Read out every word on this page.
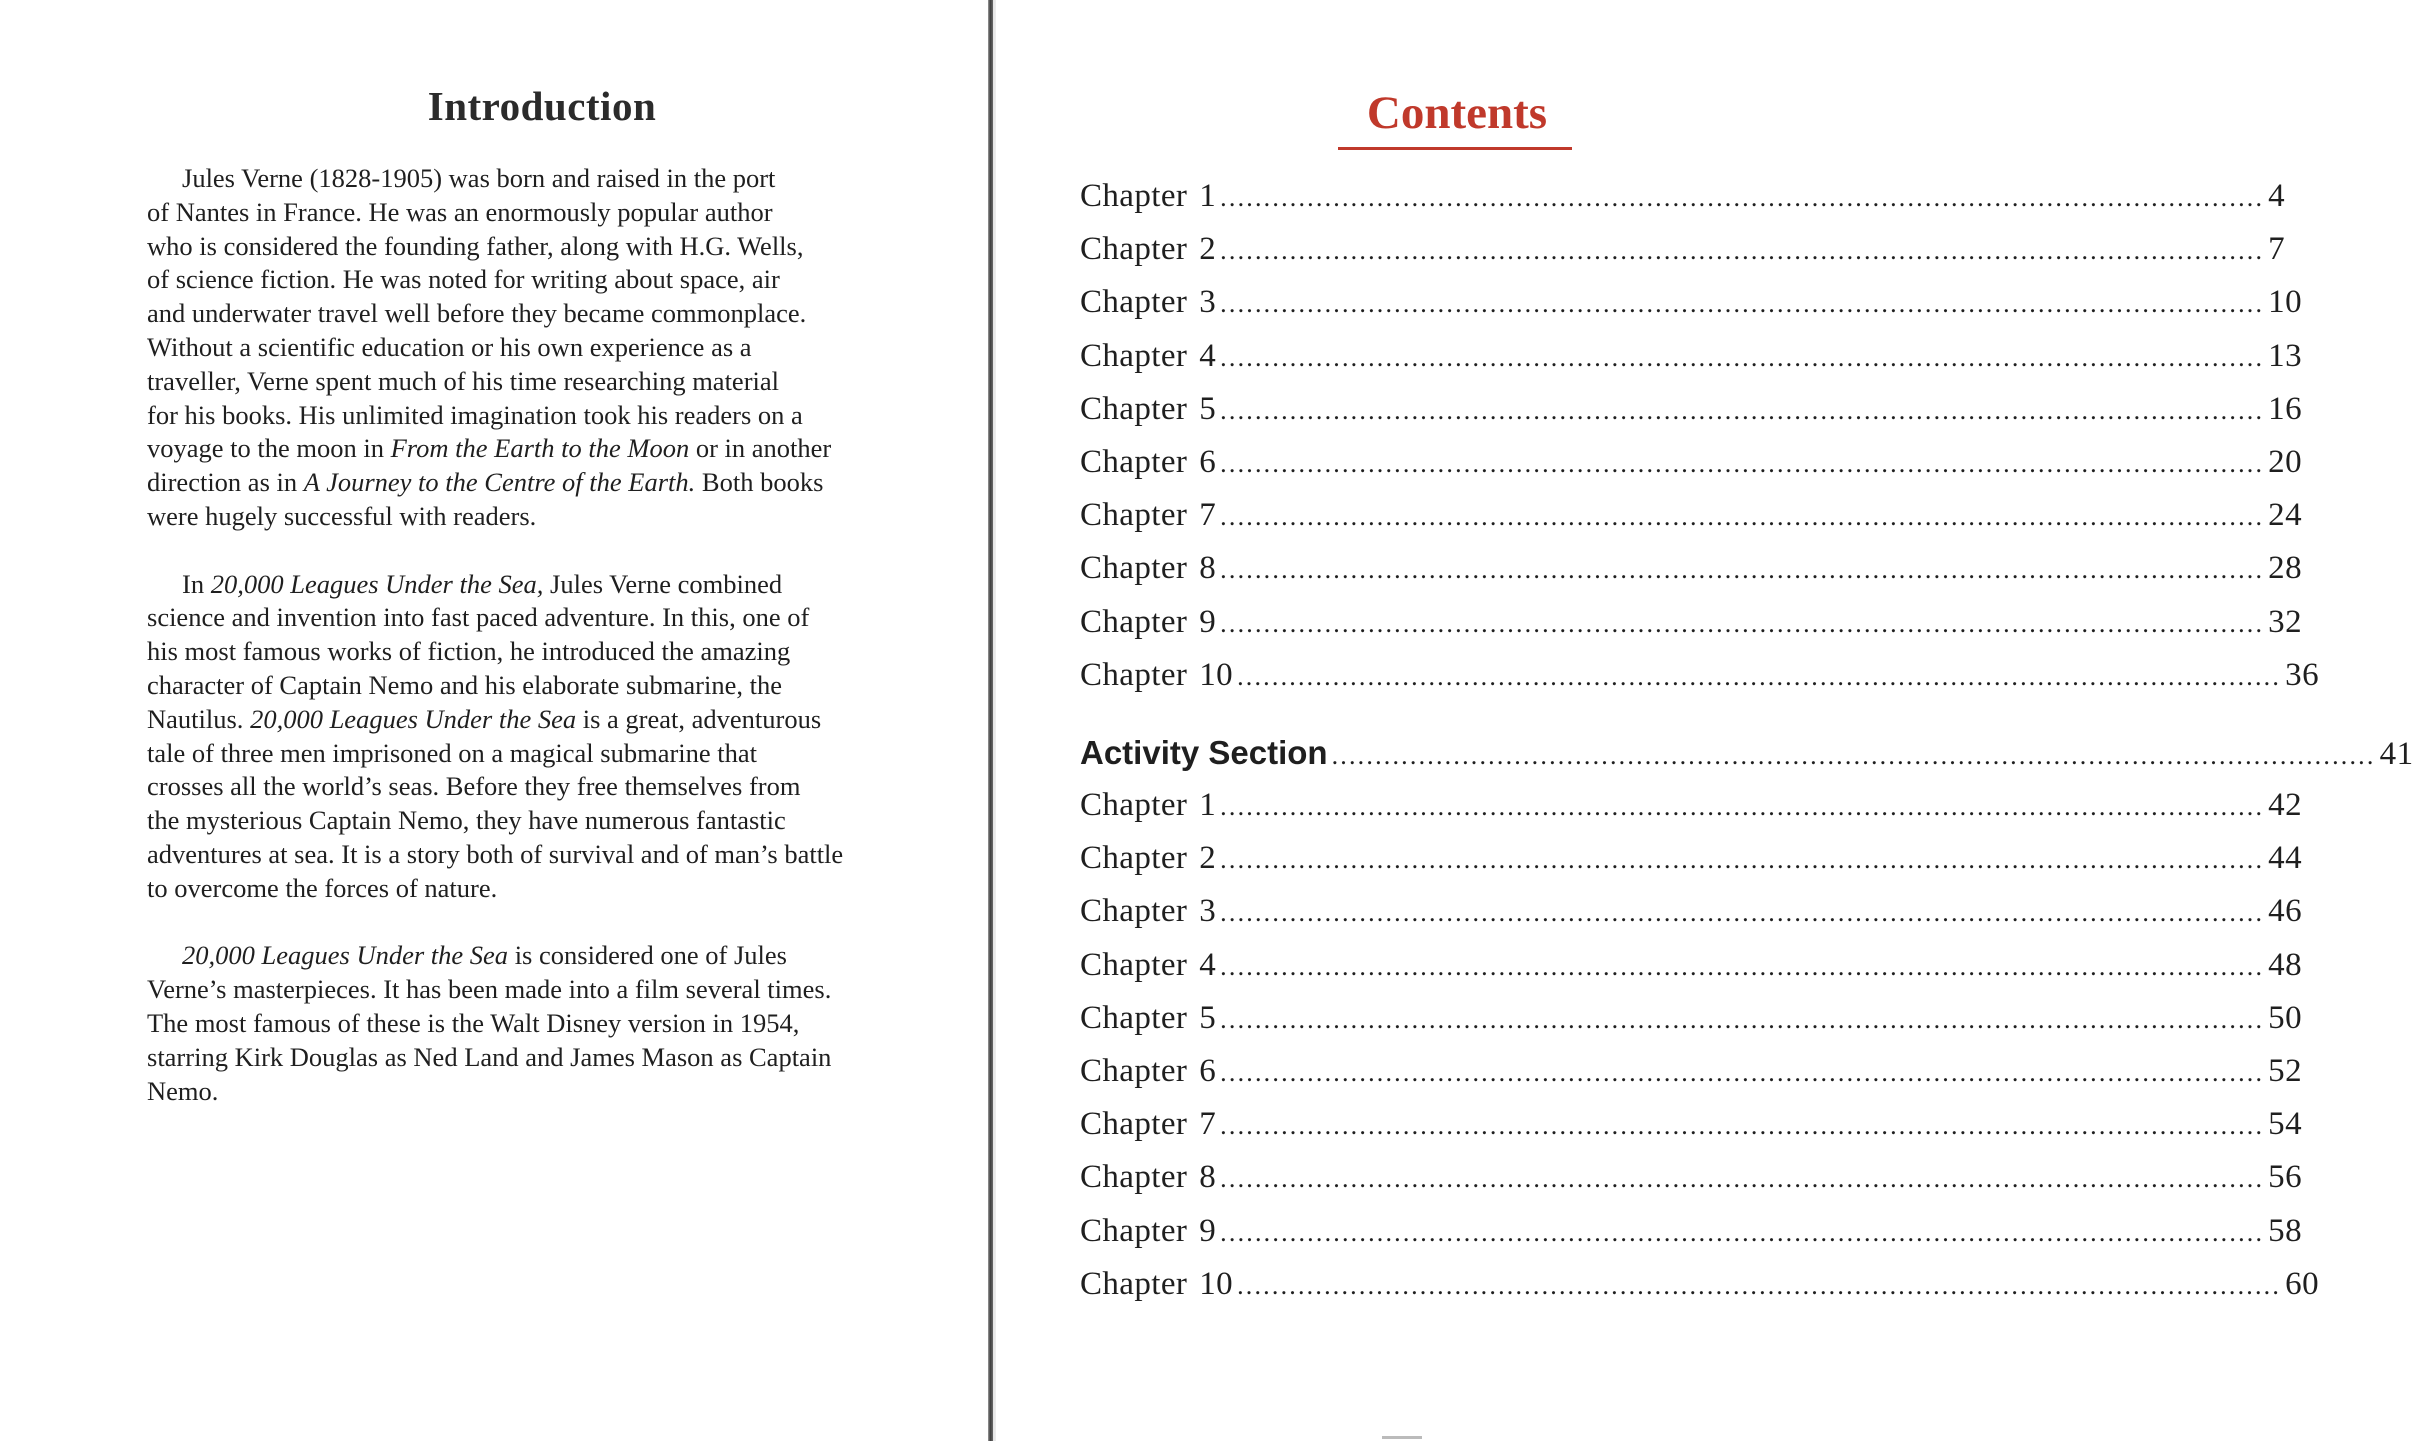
Introduction

Jules Verne (1828-1905) was born and raised in the port
of Nantes in France. He was an enormously popular author
who is considered the founding father, along with H.G. Wells,
of science fiction. He was noted for writing about space, air
and underwater travel well before they became commonplace.
Without a scientific education or his own experience as a
traveller, Verne spent much of his time researching material
for his books. His unlimited imagination took his readers on a
voyage to the moon in From the Earth to the Moon or in another
direction as in A Journey to the Centre of the Earth. Both books
were hugely successful with readers.

In 20,000 Leagues Under the Sea, Jules Verne combined
science and invention into fast paced adventure. In this, one of
his most famous works of fiction, he introduced the amazing
character of Captain Nemo and his elaborate submarine, the
Nautilus. 20,000 Leagues Under the Sea is a great, adventurous
tale of three men imprisoned on a magical submarine that
crosses all the world’s seas. Before they free themselves from
the mysterious Captain Nemo, they have numerous fantastic
adventures at sea. It is a story both of survival and of man’s battle
to overcome the forces of nature.

20,000 Leagues Under the Sea is considered one of Jules
Verne’s masterpieces. It has been made into a film several times.
The most famous of these is the Walt Disney version in 1954,
starring Kirk Douglas as Ned Land and James Mason as Captain
Nemo.

Contents
Chapter 1 ........................................................................................................................ 4
Chapter 2 ........................................................................................................................ 7
Chapter 3 ........................................................................................................................ 10
Chapter 4 ........................................................................................................................ 13
Chapter 5 ........................................................................................................................ 16
Chapter 6 ........................................................................................................................ 20
Chapter 7 ........................................................................................................................ 24
Chapter 8 ........................................................................................................................ 28
Chapter 9 ........................................................................................................................ 32
Chapter 10 ........................................................................................................................ 36
Activity Section ........................................................................................................................ 41
Chapter 1 ........................................................................................................................ 42
Chapter 2 ........................................................................................................................ 44
Chapter 3 ........................................................................................................................ 46
Chapter 4 ........................................................................................................................ 48
Chapter 5 ........................................................................................................................ 50
Chapter 6 ........................................................................................................................ 52
Chapter 7 ........................................................................................................................ 54
Chapter 8 ........................................................................................................................ 56
Chapter 9 ........................................................................................................................ 58
Chapter 10 ........................................................................................................................ 60
